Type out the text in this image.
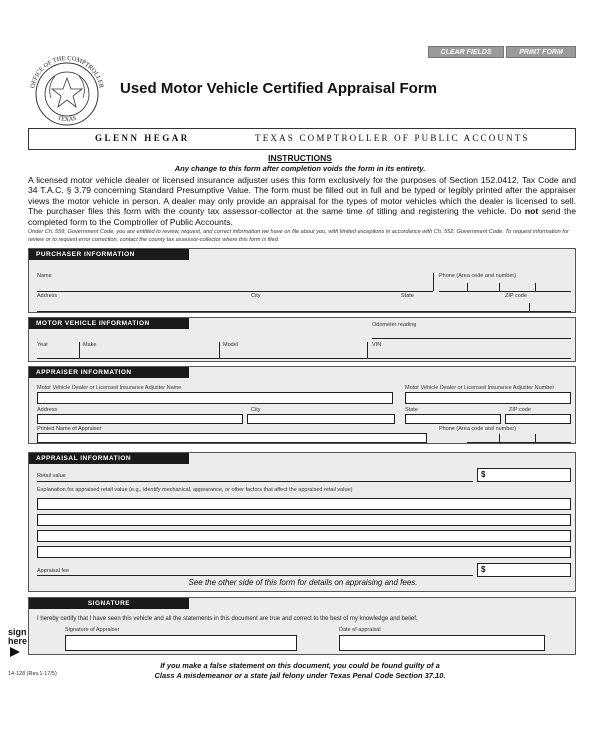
CLEAR FIELDS	PRINT FORM
OFFICE OF THE COMPTROLLER
TEXAS
Used Motor Vehicle Certified Appraisal Form
GLENN HEGAR	TEXAS COMPTROLLER OF PUBLIC ACCOUNTS
INSTRUCTIONS
Any change to this form after completion voids the form in its entirety.
A licensed motor vehicle dealer or licensed insurance adjuster uses this form exclusively for the purposes of Section 152.0412, Tax Code and 34 T.A.C. § 3.79 concerning Standard Presumptive Value. The form must be filled out in full and be typed or legibly printed after the appraiser views the motor vehicle in person. A dealer may only provide an appraisal for the types of motor vehicles which the dealer is licensed to sell. The purchaser files this form with the county tax assessor-collector at the same time of titling and registering the vehicle. Do not send the completed form to the Comptroller of Public Accounts.
Under Ch. 559, Government Code, you are entitled to review, request, and correct information we have on file about you, with limited exceptions in accordance with Ch. 552, Government Code. To request information for review or to request error correction, contact the county tax assessor-collector where this form is filed.
PURCHASER INFORMATION
Name	Phone (Area code and number)
Address	City	State	ZIP code
MOTOR VEHICLE INFORMATION	Odometer reading
Year	Make	Model	VIN
APPRAISER INFORMATION
Motor Vehicle Dealer or Licensed Insurance Adjuster Name	Motor Vehicle Dealer or Licensed Insurance Adjuster Number
Address	City	State	ZIP code
Printed Name of Appraiser	Phone (Area code and number)
APPRAISAL INFORMATION
Retail value	$
Explanation for appraised retail value (e.g., identify mechanical, appearance, or other factors that affect the appraised retail value)
Appraisal fee	$
See the other side of this form for details on appraising and fees.
SIGNATURE
I hereby certify that I have seen this vehicle and all the statements in this document are true and correct to the best of my knowledge and belief.
Signature of Appraiser	Date of appraisal
sign
here
If you make a false statement on this document, you could be found guilty of a
Class A misdemeanor or a state jail felony under Texas Penal Code Section 37.10.
14-128 (Rev.1-17/5)
